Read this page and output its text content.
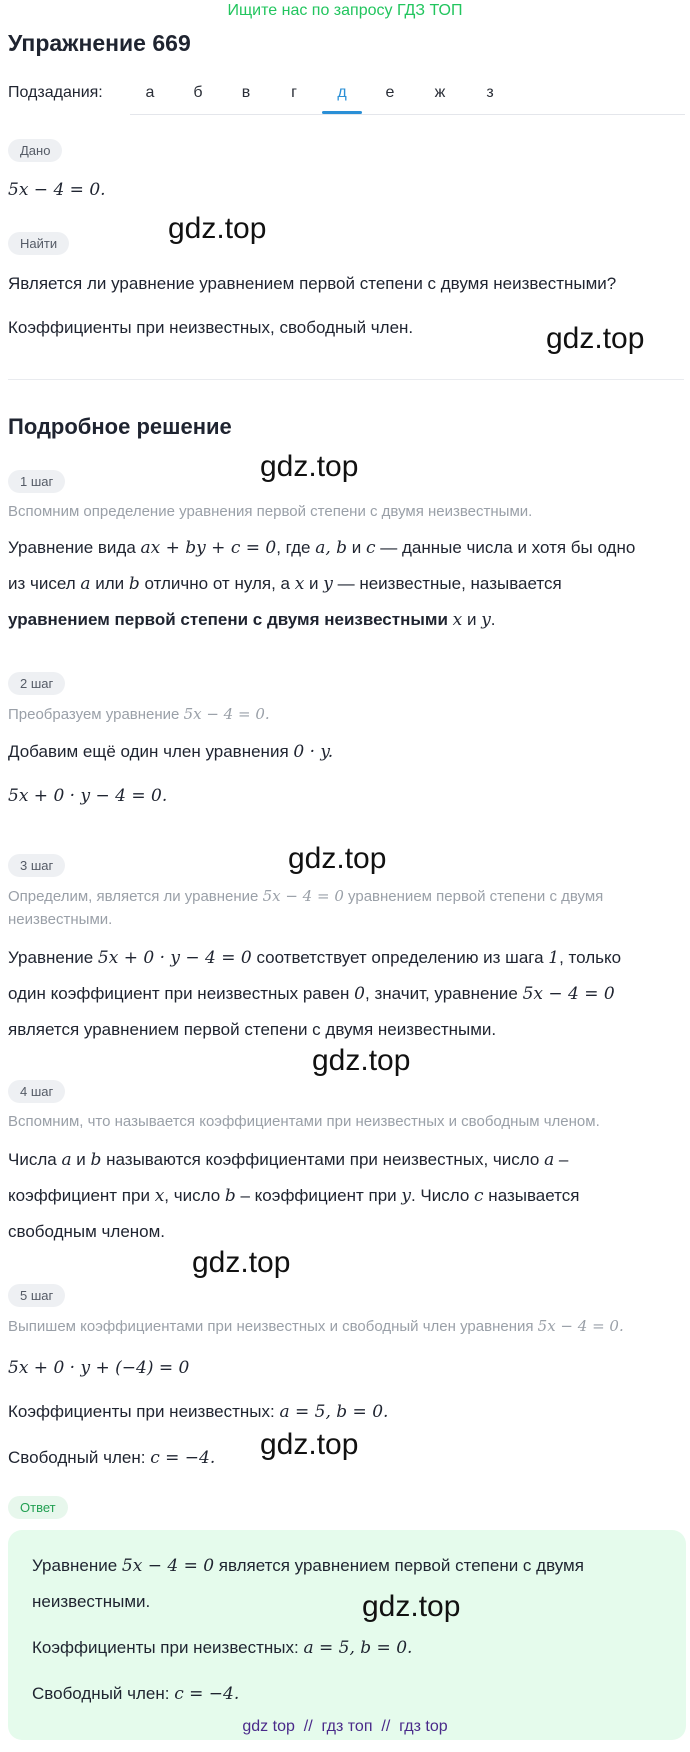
Ищите нас по запросу ГДЗ ТОП
Упражнение 669
Подзадания:	а	б	в	г	д	е	ж	з
Дано
5x − 4 = 0.
Найти	gdz.top
Является ли уравнение уравнением первой степени с двумя неизвестными?
Коэффициенты при неизвестных, свободный член.	gdz.top
Подробное решение
1 шаг	gdz.top
Вспомним определение уравнения первой степени с двумя неизвестными.
Уравнение вида ax + by + c = 0, где a, b и c — данные числа и хотя бы одно
из чисел a или b отлично от нуля, а x и y — неизвестные, называется
уравнением первой степени с двумя неизвестными x и y.
2 шаг
Преобразуем уравнение 5x − 4 = 0.
Добавим ещё один член уравнения 0 · y.
5x + 0 · y − 4 = 0.
3 шаг	gdz.top
Определим, является ли уравнение 5x − 4 = 0 уравнением первой степени с двумя
неизвестными.
Уравнение 5x + 0 · y − 4 = 0 соответствует определению из шага 1, только
один коэффициент при неизвестных равен 0, значит, уравнение 5x − 4 = 0
является уравнением первой степени с двумя неизвестными.
gdz.top
4 шаг
Вспомним, что называется коэффициентами при неизвестных и свободным членом.
Числа a и b называются коэффициентами при неизвестных, число a –
коэффициент при x, число b – коэффициент при y. Число c называется
свободным членом.
gdz.top
5 шаг
Выпишем коэффициентами при неизвестных и свободный член уравнения 5x − 4 = 0.
5x + 0 · y + (−4) = 0
Коэффициенты при неизвестных: a = 5, b = 0.
Свободный член: c = −4.	gdz.top
Ответ
Уравнение 5x − 4 = 0 является уравнением первой степени с двумя
неизвестными.	gdz.top
Коэффициенты при неизвестных: a = 5, b = 0.
Свободный член: c = −4.
gdz top  //  гдз топ  //  гдз top
